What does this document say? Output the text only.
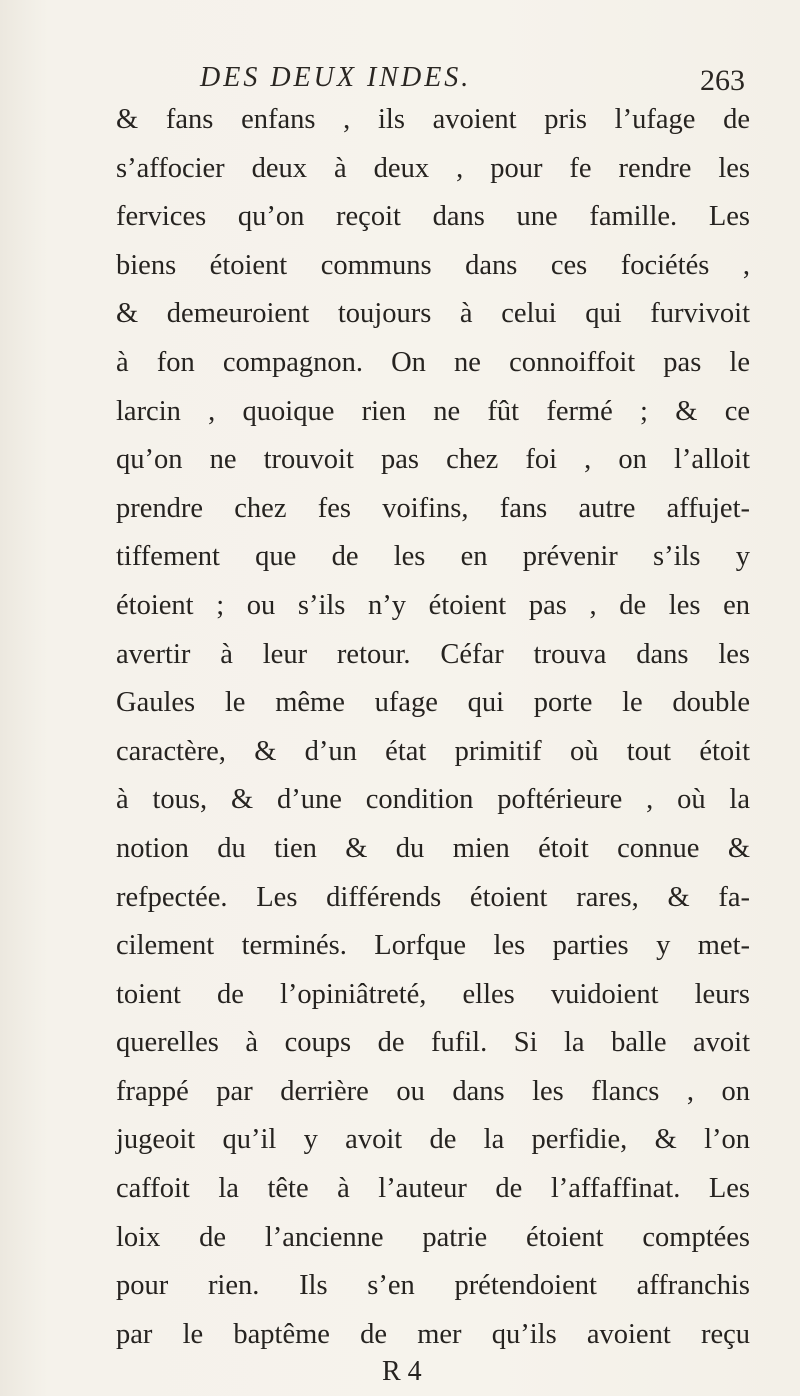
DES DEUX INDES.	263
& fans enfans , ils avoient pris l’ufage de
s’affocier deux à deux , pour fe rendre les
fervices qu’on reçoit dans une famille. Les
biens étoient communs dans ces fociétés ,
& demeuroient toujours à celui qui furvivoit
à fon compagnon. On ne connoiffoit pas le
larcin , quoique rien ne fût fermé ; & ce
qu’on ne trouvoit pas chez foi , on l’alloit
prendre chez fes voifins, fans autre affujet-
tiffement que de les en prévenir s’ils y
étoient ; ou s’ils n’y étoient pas , de les en
avertir à leur retour. Céfar trouva dans les
Gaules le même ufage qui porte le double
caractère, & d’un état primitif où tout étoit
à tous, & d’une condition poftérieure , où la
notion du tien & du mien étoit connue &
refpectée. Les différends étoient rares, & fa-
cilement terminés. Lorfque les parties y met-
toient de l’opiniâtreté, elles vuidoient leurs
querelles à coups de fufil. Si la balle avoit
frappé par derrière ou dans les flancs , on
jugeoit qu’il y avoit de la perfidie, & l’on
caffoit la tête à l’auteur de l’affaffinat. Les
loix de l’ancienne patrie étoient comptées
pour rien. Ils s’en prétendoient affranchis
par le baptême de mer qu’ils avoient reçu
R 4
